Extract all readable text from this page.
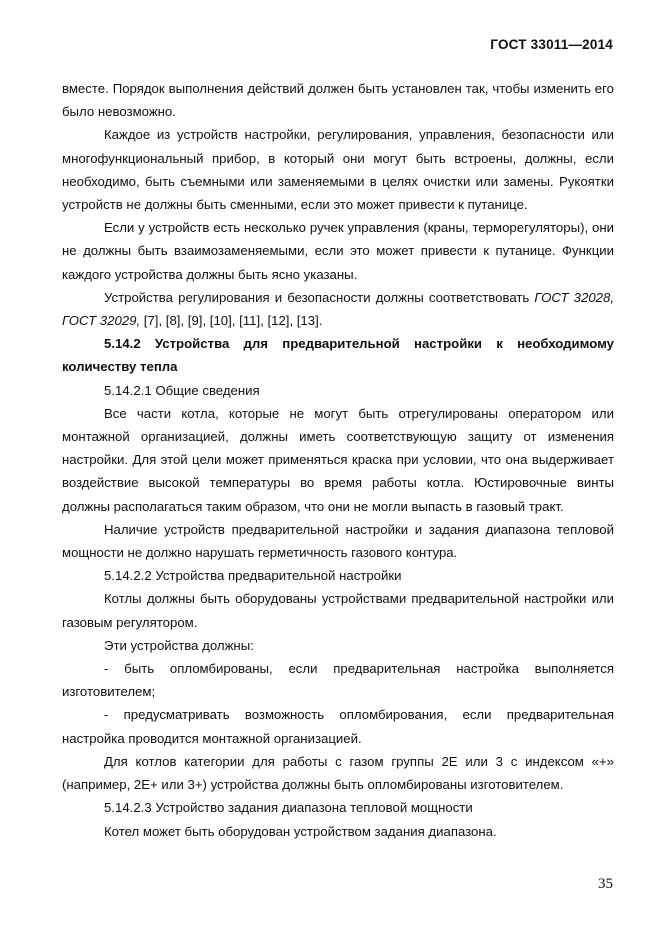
ГОСТ 33011—2014

вместе. Порядок выполнения действий должен быть установлен так, чтобы изменить его было невозможно.

Каждое из устройств настройки, регулирования, управления, безопасности или многофункциональный прибор, в который они могут быть встроены, должны, если необходимо, быть съемными или заменяемыми в целях очистки или замены. Рукоятки устройств не должны быть сменными, если это может привести к путанице.

Если у устройств есть несколько ручек управления (краны, терморегуляторы), они не должны быть взаимозаменяемыми, если это может привести к путанице. Функции каждого устройства должны быть ясно указаны.

Устройства регулирования и безопасности должны соответствовать ГОСТ 32028, ГОСТ 32029, [7], [8], [9], [10], [11], [12], [13].

5.14.2 Устройства для предварительной настройки к необходимому количеству тепла

5.14.2.1 Общие сведения

Все части котла, которые не могут быть отрегулированы оператором или монтажной организацией, должны иметь соответствующую защиту от изменения настройки. Для этой цели может применяться краска при условии, что она выдерживает воздействие высокой температуры во время работы котла. Юстировочные винты должны располагаться таким образом, что они не могли выпасть в газовый тракт.

Наличие устройств предварительной настройки и задания диапазона тепловой мощности не должно нарушать герметичность газового контура.

5.14.2.2 Устройства предварительной настройки

Котлы должны быть оборудованы устройствами предварительной настройки или газовым регулятором.

Эти устройства должны:

- быть опломбированы, если предварительная настройка выполняется изготовителем;

- предусматривать возможность опломбирования, если предварительная настройка проводится монтажной организацией.

Для котлов категории для работы с газом группы 2Е или 3 с индексом «+» (например, 2Е+ или 3+) устройства должны быть опломбированы изготовителем.

5.14.2.3 Устройство задания диапазона тепловой мощности

Котел может быть оборудован устройством задания диапазона.

35
